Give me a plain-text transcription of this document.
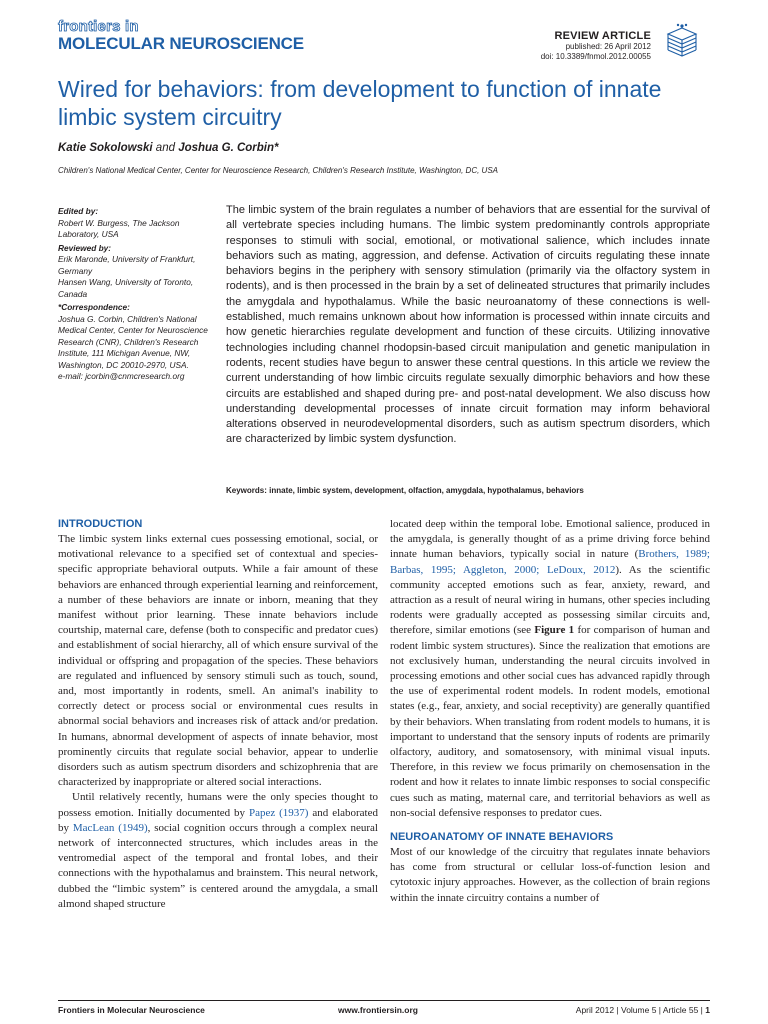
frontiers in
MOLECULAR NEUROSCIENCE	REVIEW ARTICLE
published: 26 April 2012
doi: 10.3389/fnmol.2012.00055
Wired for behaviors: from development to function of innate limbic system circuitry
Katie Sokolowski and Joshua G. Corbin*
Children's National Medical Center, Center for Neuroscience Research, Children's Research Institute, Washington, DC, USA
Edited by:
Robert W. Burgess, The Jackson Laboratory, USA
Reviewed by:
Erik Maronde, University of Frankfurt, Germany
Hansen Wang, University of Toronto, Canada
*Correspondence:
Joshua G. Corbin, Children's National Medical Center, Center for Neuroscience Research (CNR), Children's Research Institute, 111 Michigan Avenue, NW, Washington, DC 20010-2970, USA.
e-mail: jcorbin@cnmcresearch.org
The limbic system of the brain regulates a number of behaviors that are essential for the survival of all vertebrate species including humans. The limbic system predominantly controls appropriate responses to stimuli with social, emotional, or motivational salience, which includes innate behaviors such as mating, aggression, and defense. Activation of circuits regulating these innate behaviors begins in the periphery with sensory stimulation (primarily via the olfactory system in rodents), and is then processed in the brain by a set of delineated structures that primarily includes the amygdala and hypothalamus. While the basic neuroanatomy of these connections is well-established, much remains unknown about how information is processed within innate circuits and how genetic hierarchies regulate development and function of these circuits. Utilizing innovative technologies including channel rhodopsin-based circuit manipulation and genetic manipulation in rodents, recent studies have begun to answer these central questions. In this article we review the current understanding of how limbic circuits regulate sexually dimorphic behaviors and how these circuits are established and shaped during pre- and post-natal development. We also discuss how understanding developmental processes of innate circuit formation may inform behavioral alterations observed in neurodevelopmental disorders, such as autism spectrum disorders, which are characterized by limbic system dysfunction.
Keywords: innate, limbic system, development, olfaction, amygdala, hypothalamus, behaviors
INTRODUCTION

The limbic system links external cues possessing emotional, social, or motivational relevance to a specified set of contextual and species-specific appropriate behavioral outputs. While a fair amount of these behaviors are enhanced through experiential learning and reinforcement, a number of these behaviors are innate or inborn, meaning that they manifest without prior learning. These innate behaviors include courtship, maternal care, defense (both to conspecific and predator cues) and establishment of social hierarchy, all of which ensure survival of the individual or offspring and propagation of the species. These behaviors are regulated and influenced by sensory stimuli such as touch, sound, and, most importantly in rodents, smell. An animal's inability to correctly detect or process social or environmental cues results in abnormal social behaviors and increases risk of attack and/or predation. In humans, abnormal development of aspects of innate behavior, most prominently circuits that regulate social behavior, appear to underlie disorders such as autism spectrum disorders and schizophrenia that are characterized by inappropriate or altered social interactions.

Until relatively recently, humans were the only species thought to possess emotion. Initially documented by Papez (1937) and elaborated by MacLean (1949), social cognition occurs through a complex neural network of interconnected structures, which includes areas in the ventromedial aspect of the temporal and frontal lobes, and their connections with the hypothalamus and brainstem. This neural network, dubbed the “limbic system” is centered around the amygdala, a small almond shaped structure

located deep within the temporal lobe. Emotional salience, produced in the amygdala, is generally thought of as a prime driving force behind innate human behaviors, typically social in nature (Brothers, 1989; Barbas, 1995; Aggleton, 2000; LeDoux, 2012). As the scientific community accepted emotions such as fear, anxiety, reward, and attraction as a result of neural wiring in humans, other species including rodents were gradually accepted as possessing similar circuits and, therefore, similar emotions (see Figure 1 for comparison of human and rodent limbic system structures). Since the realization that emotions are not exclusively human, understanding the neural circuits involved in processing emotions and other social cues has advanced rapidly through the use of experimental rodent models. In rodent models, emotional states (e.g., fear, anxiety, and social receptivity) are generally quantified by their behaviors. When translating from rodent models to humans, it is important to understand that the sensory inputs of rodents are primarily olfactory, auditory, and somatosensory, with minimal visual inputs. Therefore, in this review we focus primarily on chemosensation in the rodent and how it relates to innate limbic responses to social conspecific cues such as mating, maternal care, and territorial behaviors as well as non-social defensive responses to predator cues.

NEUROANATOMY OF INNATE BEHAVIORS

Most of our knowledge of the circuitry that regulates innate behaviors has come from structural or cellular loss-of-function lesion and cytotoxic injury approaches. However, as the collection of brain regions within the innate circuitry contains a number of

Frontiers in Molecular Neuroscience	www.frontiersin.org	April 2012 | Volume 5 | Article 55 | 1
